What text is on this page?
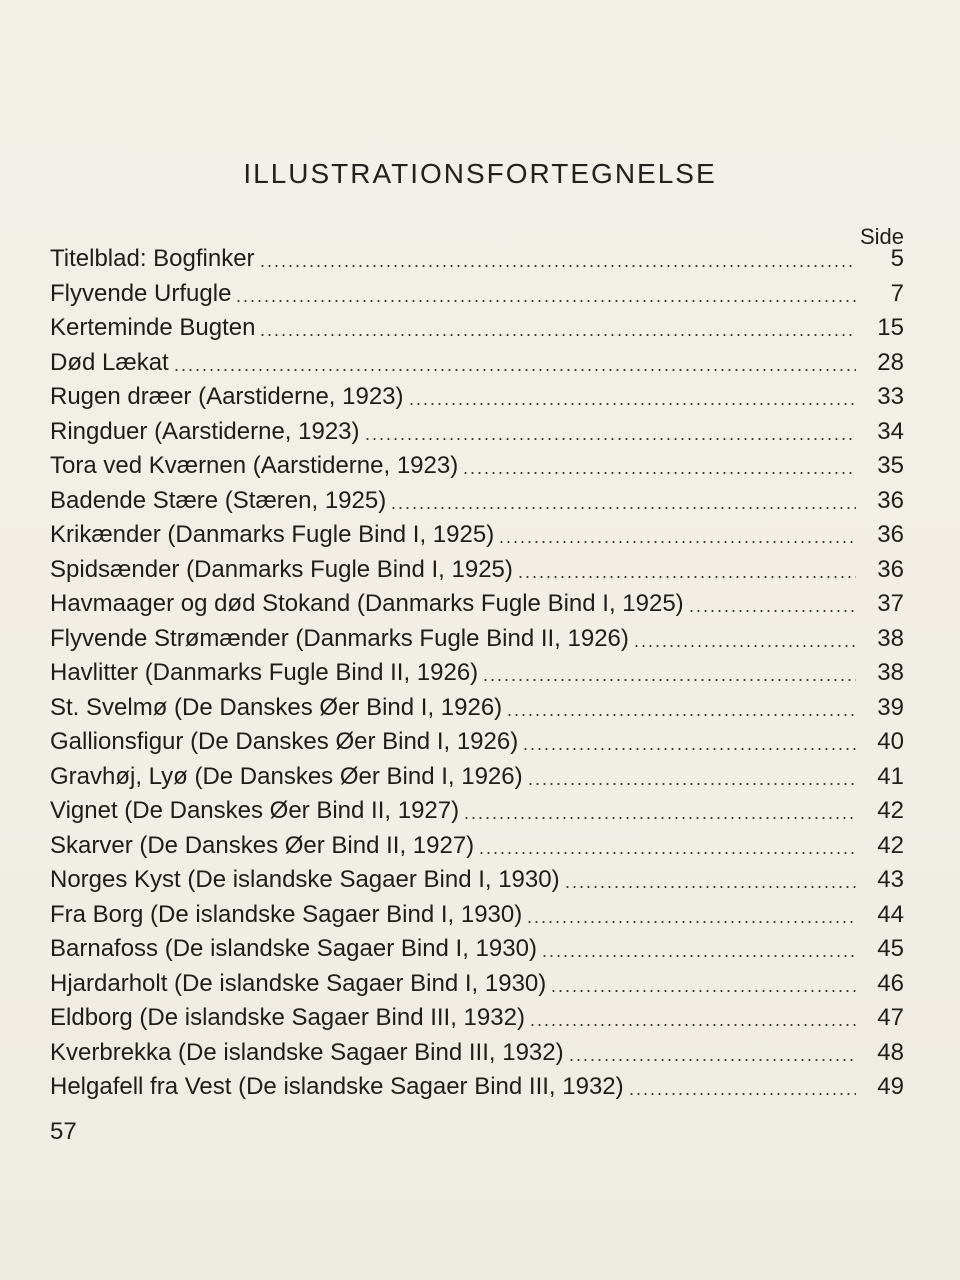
ILLUSTRATIONSFORTEGNELSE
Side
Titelblad: Bogfinker	5
Flyvende Urfugle	7
Kerteminde Bugten	15
Død Lækat	28
Rugen dræer (Aarstiderne, 1923)	33
Ringduer (Aarstiderne, 1923)	34
Tora ved Kværnen (Aarstiderne, 1923)	35
Badende Stære (Stæren, 1925)	36
Krikænder (Danmarks Fugle Bind I, 1925)	36
Spidsænder (Danmarks Fugle Bind I, 1925)	36
Havmaager og død Stokand (Danmarks Fugle Bind I, 1925)	37
Flyvende Strømænder (Danmarks Fugle Bind II, 1926)	38
Havlitter (Danmarks Fugle Bind II, 1926)	38
St. Svelmø (De Danskes Øer Bind I, 1926)	39
Gallionsfigur (De Danskes Øer Bind I, 1926)	40
Gravhøj, Lyø (De Danskes Øer Bind I, 1926)	41
Vignet (De Danskes Øer Bind II, 1927)	42
Skarver (De Danskes Øer Bind II, 1927)	42
Norges Kyst (De islandske Sagaer Bind I, 1930)	43
Fra Borg (De islandske Sagaer Bind I, 1930)	44
Barnafoss (De islandske Sagaer Bind I, 1930)	45
Hjardarholt (De islandske Sagaer Bind I, 1930)	46
Eldborg (De islandske Sagaer Bind III, 1932)	47
Kverbrekka (De islandske Sagaer Bind III, 1932)	48
Helgafell fra Vest (De islandske Sagaer Bind III, 1932)	49
57
